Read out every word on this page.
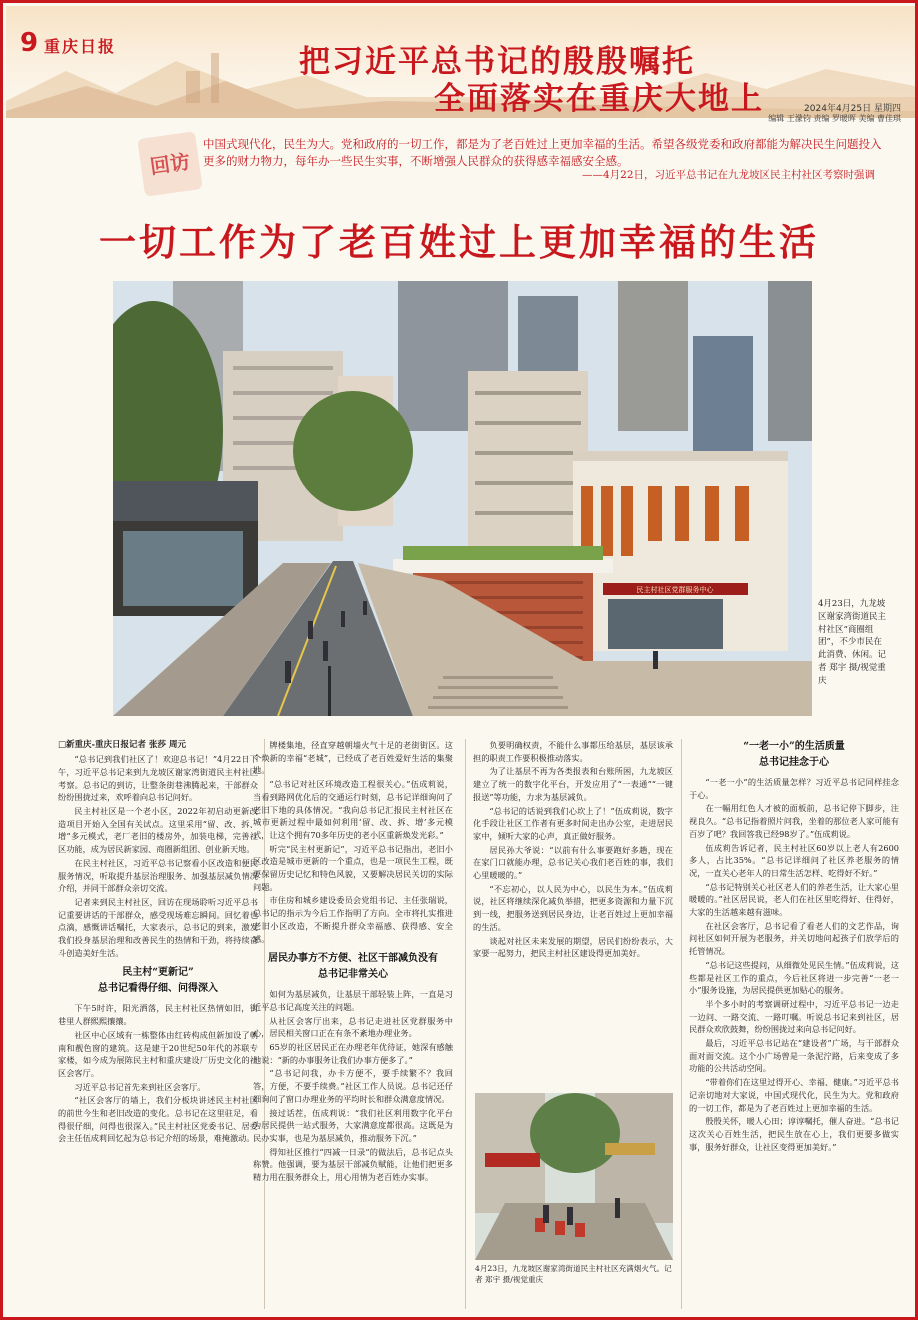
9 重庆日报	把习近平总书记的殷殷嘱托
全面落实在重庆大地上	2024年4月25日 星期四
编辑 王濛钧 责编 罗暖晖 美编 曹佳琪
回访
中国式现代化，民生为大。党和政府的一切工作，都是为了老百姓过上更加幸福的生活。希望各级党委和政府都能为解决民生问题投入更多的财力物力，每年办一些民生实事，不断增强人民群众的获得感幸福感安全感。
——4月22日，习近平总书记在九龙坡区民主村社区考察时强调
一切工作为了老百姓过上更加幸福的生活
民主村社区党群服务中心
4月23日，九龙坡区谢家湾街道民主村社区“商圈组团”，不少市民在此消费、休闲。记者 郑宇 摄/视觉重庆

□新重庆-重庆日报记者 张莎 周元

“总书记到我们社区了！欢迎总书记！”4月22日下午，习近平总书记来到九龙坡区谢家湾街道民主村社区考察。总书记的到访，让整条街巷沸腾起来，干部群众纷纷围拢过来，欢呼着向总书记问好。

民主村社区是一个老小区，2022年初启动更新改造项目开始入全国有关试点。这里采用“留、改、拆、增”多元模式，老厂老旧的楼房外，加装电梯，完善社区功能，成为居民新家园、商圈新组团、创业新天地。

在民主村社区，习近平总书记察看小区改造和便民服务情况，听取提升基层治理服务、加强基层减负情况介绍，并同干部群众亲切交流。

记者来到民主村社区，回访在现场聆听习近平总书记重要讲话的干部群众，感受现场难忘瞬间。回忆着也点滴，感慨讲话嘱托，大家表示，总书记的到来，激发我们投身基层治理和改善民生的热情和干劲，将持续奋斗创造美好生活。

民主村“更新记”
总书记看得仔细、问得深入

下午5时许，阳光洒落，民主村社区热情如旧，街巷里人群熙熙攘攘。

社区中心区域有一栋整体由红砖构成但新加设了朝南和靓色窗的建筑。这是建于20世纪50年代的苏联专家楼，如今成为展陈民主村和重庆建设厂历史文化的社区会客厅。

习近平总书记首先来到社区会客厅。

“社区会客厅的墙上，我们分板块讲述民主村社区的前世今生和老旧改造的变化。总书记在这里驻足，看得很仔细，问得也很深入。”民主村社区党委书记、居委会主任伍成莉回忆起为总书记介绍的场景，难掩激动。

牌楼集地，径直穿越朝墙火气十足的老街街区。这个焕新的幸福“老城”，已经成了老百姓爱好生活的集聚地。

“总书记对社区环境改造工程很关心。”伍成莉说，当看到路网优化后的交通运行时刻，总书记详细询问了老旧下地的具体情况。“我向总书记汇报民主村社区在城市更新过程中最如何利用‘留、改、拆、增’多元模式，让这个拥有70多年历史的老小区重新焕发光彩。”

听完“民主村更新记”，习近平总书记指出，老旧小区改造是城市更新的一个重点，也是一项民生工程，既要保留历史记忆和特色风貌，又要解决居民关切的实际问题。

市住房和城乡建设委员会党组书记、主任张瑞说，总书记的指示为今后工作指明了方向。全市将扎实推进老旧小区改造，不断提升群众幸福感、获得感、安全感。

居民办事方不方便、社区干部减负没有
总书记非常关心

如何为基层减负，让基层干部轻装上阵，一直是习近平总书记高度关注的问题。

从社区会客厅出来，总书记走进社区党群服务中心，居民相关窗口正在有条不紊地办理业务。

65岁的社区居民正在办理老年优待证，她深有感触地说：“新的办事服务让我们办事方便多了。”

“总书记问我，办卡方便不，要手续繁不？我回答，方便，不要手续费。”社区工作人员说。总书记还仔细询问了窗口办理业务的平均时长和群众满意度情况。

接过话茬，伍成莉说：“我们社区利用数字化平台为居民提供一站式服务，大家满意度都很高。这既是为民办实事，也是为基层减负，推动服务下沉。”

得知社区推行“四减一日录”的做法后，总书记点头称赞。他强调，要为基层干部减负赋能，让他们把更多精力用在服务群众上，用心用情为老百姓办实事。

负要明确权责，不能什么事都压给基层，基层该承担的职责工作要积极推动落实。

为了让基层不再为各类报表和台账所困，九龙坡区建立了统一的数字化平台，开发应用了“一表通”“一键报送”等功能，力求为基层减负。

“总书记的话说到我们心坎上了！”伍成莉说，数字化手段让社区工作者有更多时间走出办公室，走进居民家中，倾听大家的心声，真正做好服务。

居民孙大爷说：“以前有什么事要跑好多趟，现在在家门口就能办理，总书记关心我们老百姓的事，我们心里暖暖的。”

“不忘初心，以人民为中心，以民生为本。”伍成莉说，社区将继续深化减负举措，把更多资源和力量下沉到一线，把服务送到居民身边，让老百姓过上更加幸福的生活。

谈起对社区未来发展的期望，居民们纷纷表示，大家要一起努力，把民主村社区建设得更加美好。

4月23日，九龙坡区谢家湾街道民主村社区充满烟火气。记者 郑宇 摄/视觉重庆
“一老一小”的生活质量
总书记挂念于心

“一老一小”的生活质量怎样？习近平总书记同样挂念于心。

在一幅用红色人才被的面板前，总书记停下脚步，注视良久。“总书记指着照片问我，坐着的那位老人家可能有百岁了吧？我回答我已经98岁了。”伍成莉说。

伍成莉告诉记者，民主村社区60岁以上老人有2600多人，占比35%。“总书记详细问了社区养老服务的情况，一直关心老年人的日常生活怎样、吃得好不好。”

“总书记特别关心社区老人们的养老生活，让大家心里暖暖的。”社区居民说，老人们在社区里吃得好、住得好，大家的生活越来越有滋味。

在社区会客厅，总书记看了看老人们的文艺作品，询问社区如何开展为老服务，并关切地问起孩子们放学后的托管情况。

“总书记这些提问，从细微处见民生情。”伍成莉说，这些都是社区工作的重点，今后社区将进一步完善“一老一小”服务设施，为居民提供更加贴心的服务。

半个多小时的考察调研过程中，习近平总书记一边走一边问、一路交流、一路叮嘱。听说总书记来到社区，居民群众欢欣鼓舞，纷纷围拢过来向总书记问好。

最后，习近平总书记站在“建设者”广场，与干部群众面对面交流。这个小广场曾是一条泥泞路，后来变成了多功能的公共活动空间。

“带着你们在这里过得开心、幸福、健康。”习近平总书记亲切地对大家说，中国式现代化，民生为大。党和政府的一切工作，都是为了老百姓过上更加幸福的生活。

殷殷关怀，暖人心田；谆谆嘱托，催人奋进。“总书记这次关心百姓生活，把民生放在心上，我们更要多做实事，服务好群众，让社区变得更加美好。”
